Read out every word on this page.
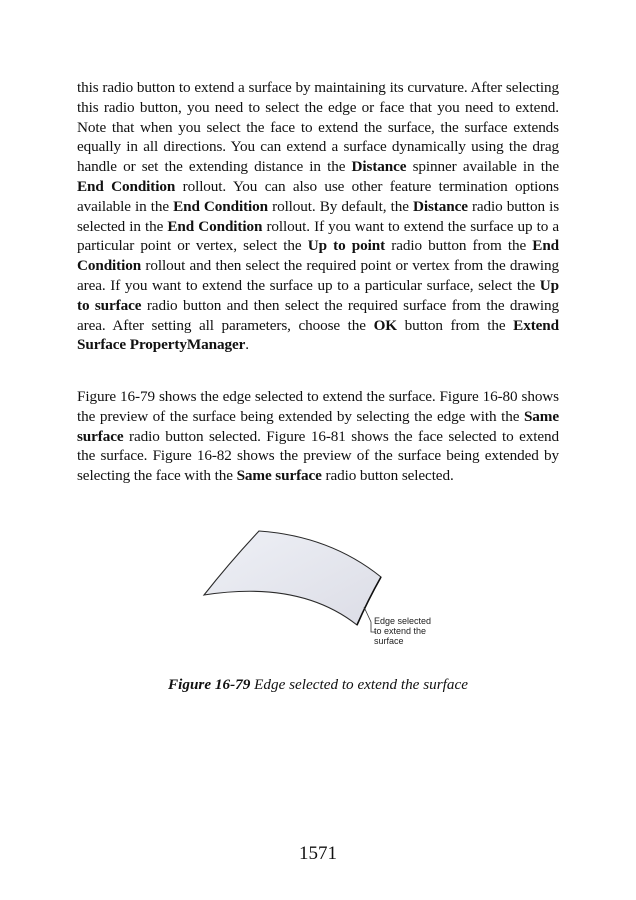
this radio button to extend a surface by maintaining its curvature. After selecting this radio button, you need to select the edge or face that you need to extend. Note that when you select the face to extend the surface, the surface extends equally in all directions. You can extend a surface dynamically using the drag handle or set the extending distance in the Distance spinner available in the End Condition rollout. You can also use other feature termination options available in the End Condition rollout. By default, the Distance radio button is selected in the End Condition rollout. If you want to extend the surface up to a particular point or vertex, select the Up to point radio button from the End Condition rollout and then select the required point or vertex from the drawing area. If you want to extend the surface up to a particular surface, select the Up to surface radio button and then select the required surface from the drawing area. After setting all parameters, choose the OK button from the Extend Surface PropertyManager.

Figure 16-79 shows the edge selected to extend the surface. Figure 16-80 shows the preview of the surface being extended by selecting the edge with the Same surface radio button selected. Figure 16-81 shows the face selected to extend the surface. Figure 16-82 shows the preview of the surface being extended by selecting the face with the Same surface radio button selected.

Edge selected
to extend the
surface
Figure 16-79 Edge selected to extend the surface
1571
